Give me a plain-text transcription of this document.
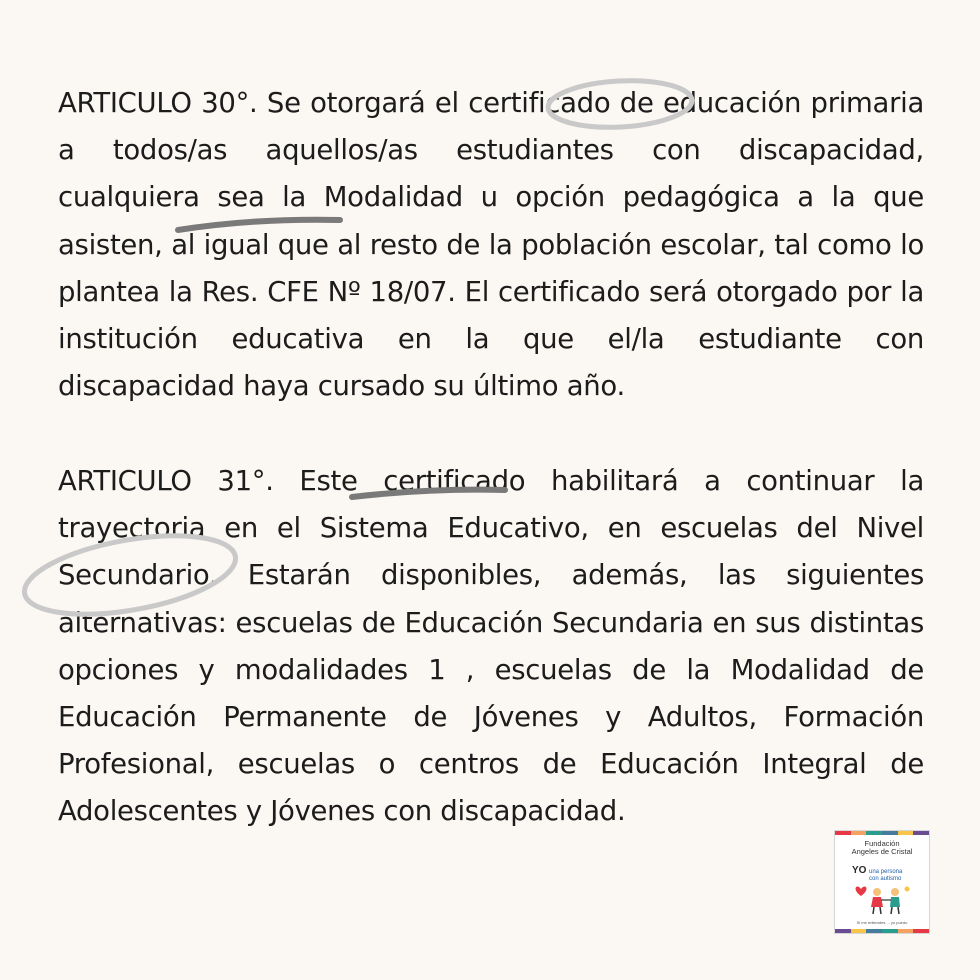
ARTICULO 30°. Se otorgará el certificado de educación primaria a todos/as aquellos/as estudiantes con discapacidad, cualquiera sea la Modalidad u opción pedagógica a la que asisten, al igual que al resto de la población escolar, tal como lo plantea la Res. CFE Nº 18/07. El certificado será otorgado por la institución educativa en la que el/la estudiante con discapacidad haya cursado su último año.

ARTICULO 31°. Este certificado habilitará a continuar la trayectoria en el Sistema Educativo, en escuelas del Nivel Secundario. Estarán disponibles, además, las siguientes alternativas: escuelas de Educación Secundaria en sus distintas opciones y modalidades 1 , escuelas de la Modalidad de Educación Permanente de Jóvenes y Adultos, Formación Profesional, escuelas o centros de Educación Integral de Adolescentes y Jóvenes con discapacidad.

Fundación
Angeles de Cristal
YO una persona
con autismo
Si me entiendes ... yo puedo
